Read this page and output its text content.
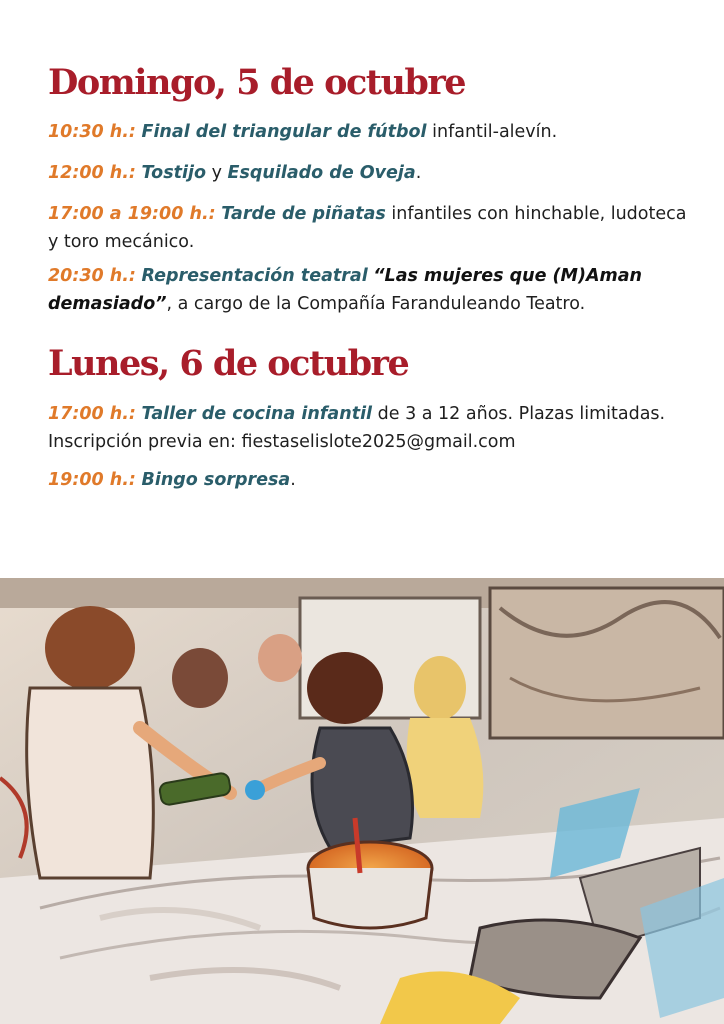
Domingo, 5 de octubre

10:30 h.: Final del triangular de fútbol infantil-alevín.

12:00 h.: Tostijo y Esquilado de Oveja.

17:00 a 19:00 h.: Tarde de piñatas infantiles con hinchable, ludoteca y toro mecánico.

20:30 h.: Representación teatral “Las mujeres que (M)Aman demasiado”, a cargo de la Compañía Faranduleando Teatro.

Lunes, 6 de octubre

17:00 h.: Taller de cocina infantil de 3 a 12 años. Plazas limitadas. Inscripción previa en: fiestaselislote2025@gmail.com

19:00 h.: Bingo sorpresa.
